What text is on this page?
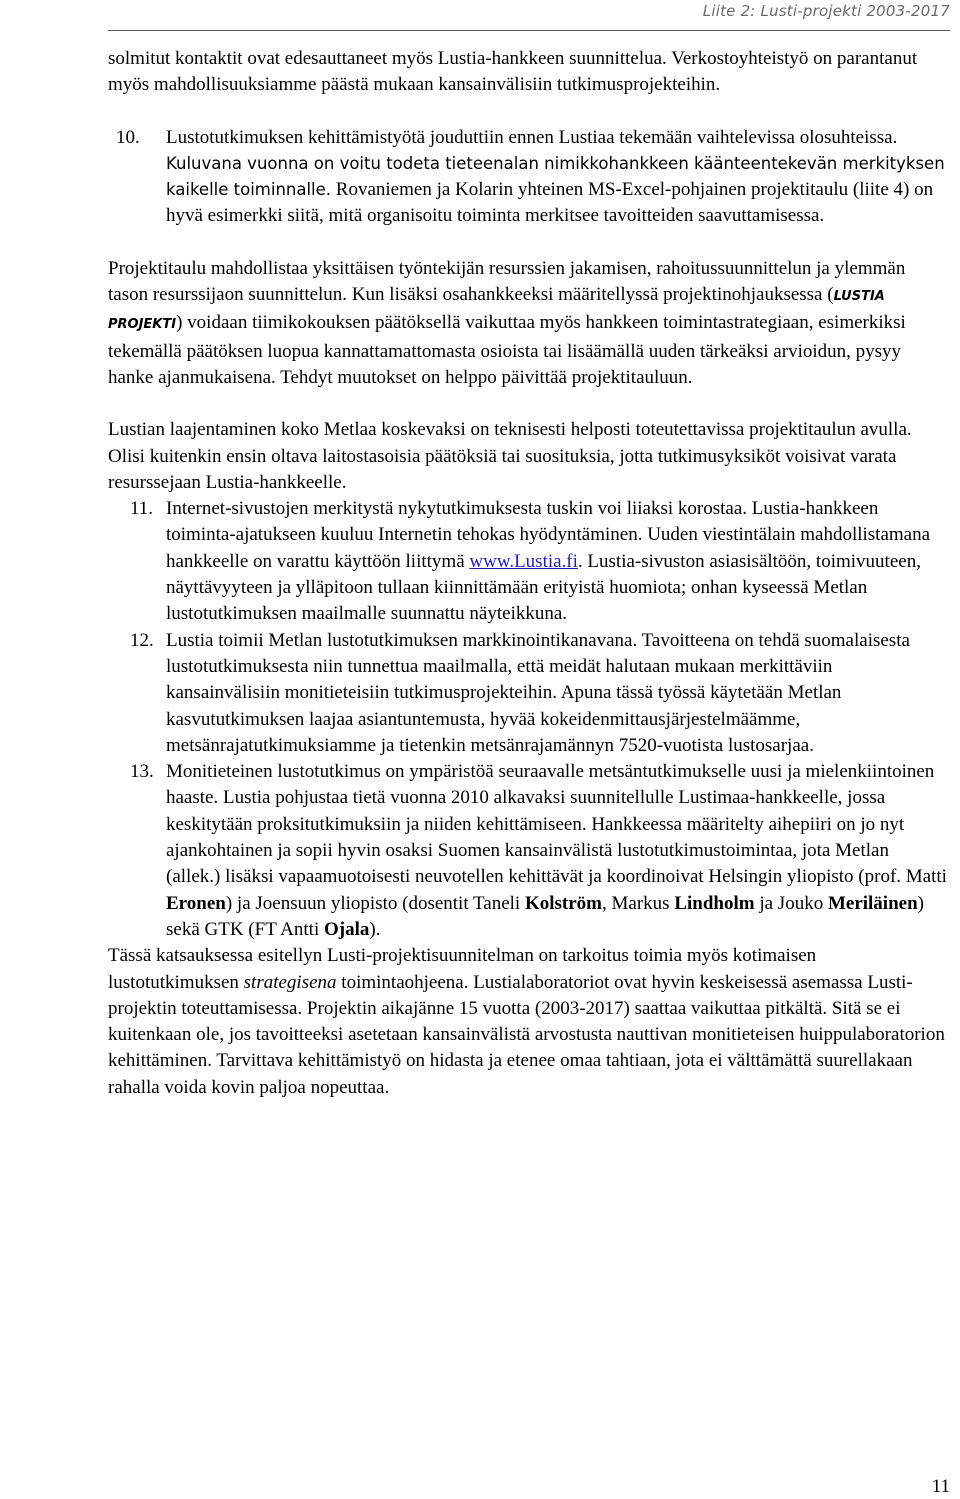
Liite 2: Lusti-projekti 2003-2017

solmitut kontaktit ovat edesauttaneet myös Lustia-hankkeen suunnittelua. Verkostoyhteistyö on parantanut myös mahdollisuuksiamme päästä mukaan kansainvälisiin tutkimusprojekteihin.

10. Lustotutkimuksen kehittämistyötä jouduttiin ennen Lustiaa tekemään vaihtelevissa olosuhteissa. Kuluvana vuonna on voitu todeta tieteenalan nimikkohankkeen käänteentekevän merkityksen kaikelle toiminnalle. Rovaniemen ja Kolarin yhteinen MS-Excel-pohjainen projektitaulu (liite 4) on hyvä esimerkki siitä, mitä organisoitu toiminta merkitsee tavoitteiden saavuttamisessa.

Projektitaulu mahdollistaa yksittäisen työntekijän resurssien jakamisen, rahoitussuunnittelun ja ylemmän tason resurssijaon suunnittelun. Kun lisäksi osahankkeeksi määritellyssä projektinohjauksessa (LUSTIA PROJEKTI) voidaan tiimikokouksen päätöksellä vaikuttaa myös hankkeen toimintastrategiaan, esimerkiksi tekemällä päätöksen luopua kannattamattomasta osioista tai lisäämällä uuden tärkeäksi arvioidun, pysyy hanke ajanmukaisena. Tehdyt muutokset on helppo päivittää projektitauluun.

Lustian laajentaminen koko Metlaa koskevaksi on teknisesti helposti toteutettavissa projektitaulun avulla. Olisi kuitenkin ensin oltava laitostasoisia päätöksiä tai suosituksia, jotta tutkimusyksiköt voisivat varata resurssejaan Lustia-hankkeelle.

11. Internet-sivustojen merkitystä nykytutkimuksesta tuskin voi liiaksi korostaa. Lustia-hankkeen toiminta-ajatukseen kuuluu Internetin tehokas hyödyntäminen. Uuden viestintälain mahdollistamana hankkeelle on varattu käyttöön liittymä www.Lustia.fi. Lustia-sivuston asiasisältöön, toimivuuteen, näyttävyyteen ja ylläpitoon tullaan kiinnittämään erityistä huomiota; onhan kyseessä Metlan lustotutkimuksen maailmalle suunnattu näyteikkuna.
12. Lustia toimii Metlan lustotutkimuksen markkinointikanavana. Tavoitteena on tehdä suomalaisesta lustotutkimuksesta niin tunnettua maailmalla, että meidät halutaan mukaan merkittäviin kansainvälisiin monitieteisiin tutkimusprojekteihin. Apuna tässä työssä käytetään Metlan kasvututkimuksen laajaa asiantuntemusta, hyvää kokeidenmittausjärjestelmäämme, metsänrajatutkimuksiamme ja tietenkin metsänrajamännyn 7520-vuotista lustosarjaa.
13. Monitieteinen lustotutkimus on ympäristöä seuraavalle metsäntutkimukselle uusi ja mielenkiintoinen haaste. Lustia pohjustaa tietä vuonna 2010 alkavaksi suunnitellulle Lustimaa-hankkeelle, jossa keskitytään proksitutkimuksiin ja niiden kehittämiseen. Hankkeessa määritelty aihepiiri on jo nyt ajankohtainen ja sopii hyvin osaksi Suomen kansainvälistä lustotutkimustoimintaa, jota Metlan (allek.) lisäksi vapaamuotoisesti neuvotellen kehittävät ja koordinoivat Helsingin yliopisto (prof. Matti Eronen) ja Joensuun yliopisto (dosentit Taneli Kolström, Markus Lindholm ja Jouko Meriläinen) sekä GTK (FT Antti Ojala).

Tässä katsauksessa esitellyn Lusti-projektisuunnitelman on tarkoitus toimia myös kotimaisen lustotutkimuksen strategisena toimintaohjeena. Lustialaboratoriot ovat hyvin keskeisessä asemassa Lusti-projektin toteuttamisessa. Projektin aikajänne 15 vuotta (2003-2017) saattaa vaikuttaa pitkältä. Sitä se ei kuitenkaan ole, jos tavoitteeksi asetetaan kansainvälistä arvostusta nauttivan monitieteisen huippulaboratorion kehittäminen. Tarvittava kehittämistyö on hidasta ja etenee omaa tahtiaan, jota ei välttämättä suurellakaan rahalla voida kovin paljoa nopeuttaa.

11
